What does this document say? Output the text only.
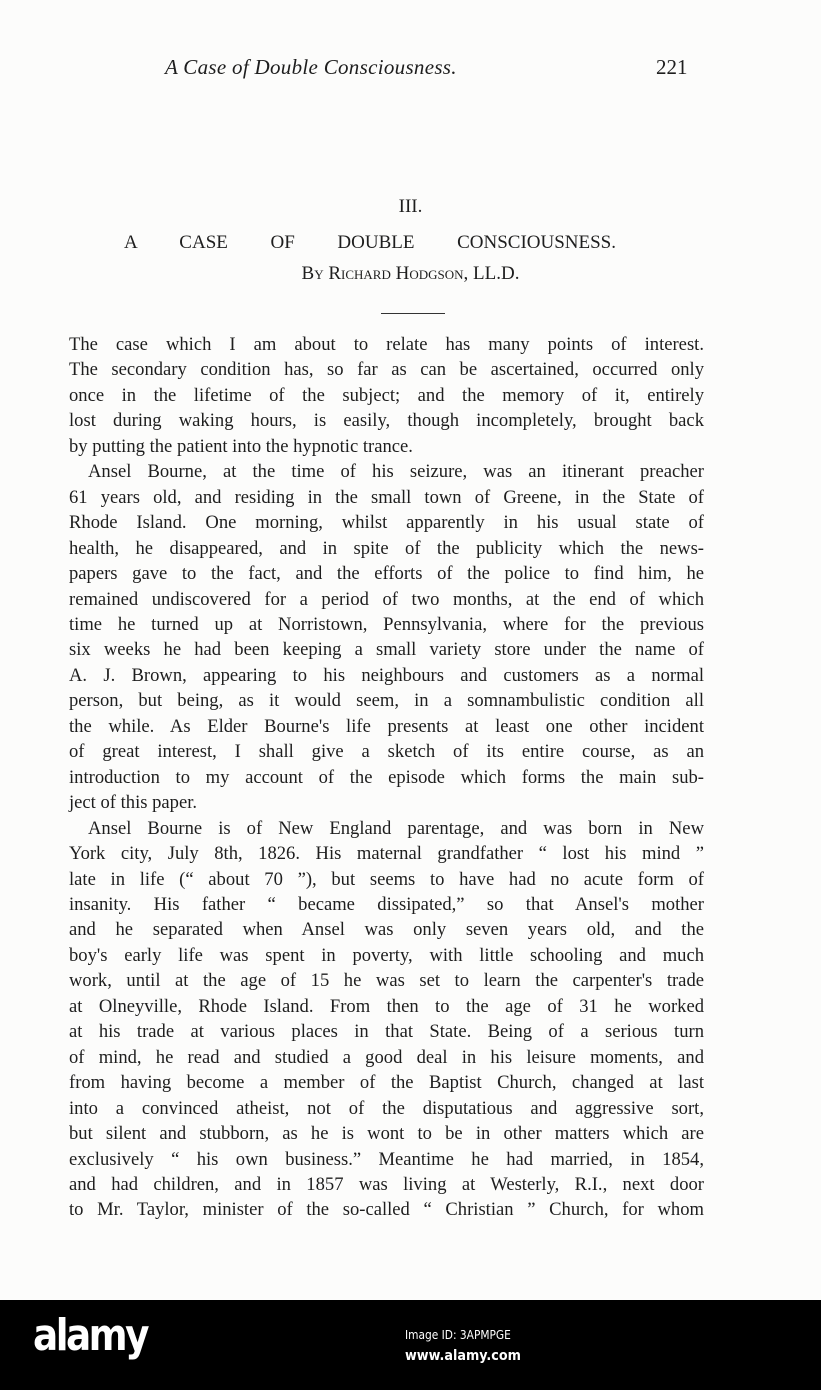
A Case of Double Consciousness.	221
III.
A CASE OF DOUBLE CONSCIOUSNESS.
By Richard Hodgson, LL.D.
The case which I am about to relate has many points of interest.
The secondary condition has, so far as can be ascertained, occurred only
once in the lifetime of the subject; and the memory of it, entirely
lost during waking hours, is easily, though incompletely, brought back
by putting the patient into the hypnotic trance.
Ansel Bourne, at the time of his seizure, was an itinerant preacher
61 years old, and residing in the small town of Greene, in the State of
Rhode Island. One morning, whilst apparently in his usual state of
health, he disappeared, and in spite of the publicity which the news-
papers gave to the fact, and the efforts of the police to find him, he
remained undiscovered for a period of two months, at the end of which
time he turned up at Norristown, Pennsylvania, where for the previous
six weeks he had been keeping a small variety store under the name of
A. J. Brown, appearing to his neighbours and customers as a normal
person, but being, as it would seem, in a somnambulistic condition all
the while. As Elder Bourne's life presents at least one other incident
of great interest, I shall give a sketch of its entire course, as an
introduction to my account of the episode which forms the main sub-
ject of this paper.
Ansel Bourne is of New England parentage, and was born in New
York city, July 8th, 1826. His maternal grandfather “ lost his mind ”
late in life (“ about 70 ”), but seems to have had no acute form of
insanity. His father “ became dissipated,” so that Ansel's mother
and he separated when Ansel was only seven years old, and the
boy's early life was spent in poverty, with little schooling and much
work, until at the age of 15 he was set to learn the carpenter's trade
at Olneyville, Rhode Island. From then to the age of 31 he worked
at his trade at various places in that State. Being of a serious turn
of mind, he read and studied a good deal in his leisure moments, and
from having become a member of the Baptist Church, changed at last
into a convinced atheist, not of the disputatious and aggressive sort,
but silent and stubborn, as he is wont to be in other matters which are
exclusively “ his own business.” Meantime he had married, in 1854,
and had children, and in 1857 was living at Westerly, R.I., next door
to Mr. Taylor, minister of the so-called “ Christian ” Church, for whom
alamy	Image ID: 3APMPGE
www.alamy.com
